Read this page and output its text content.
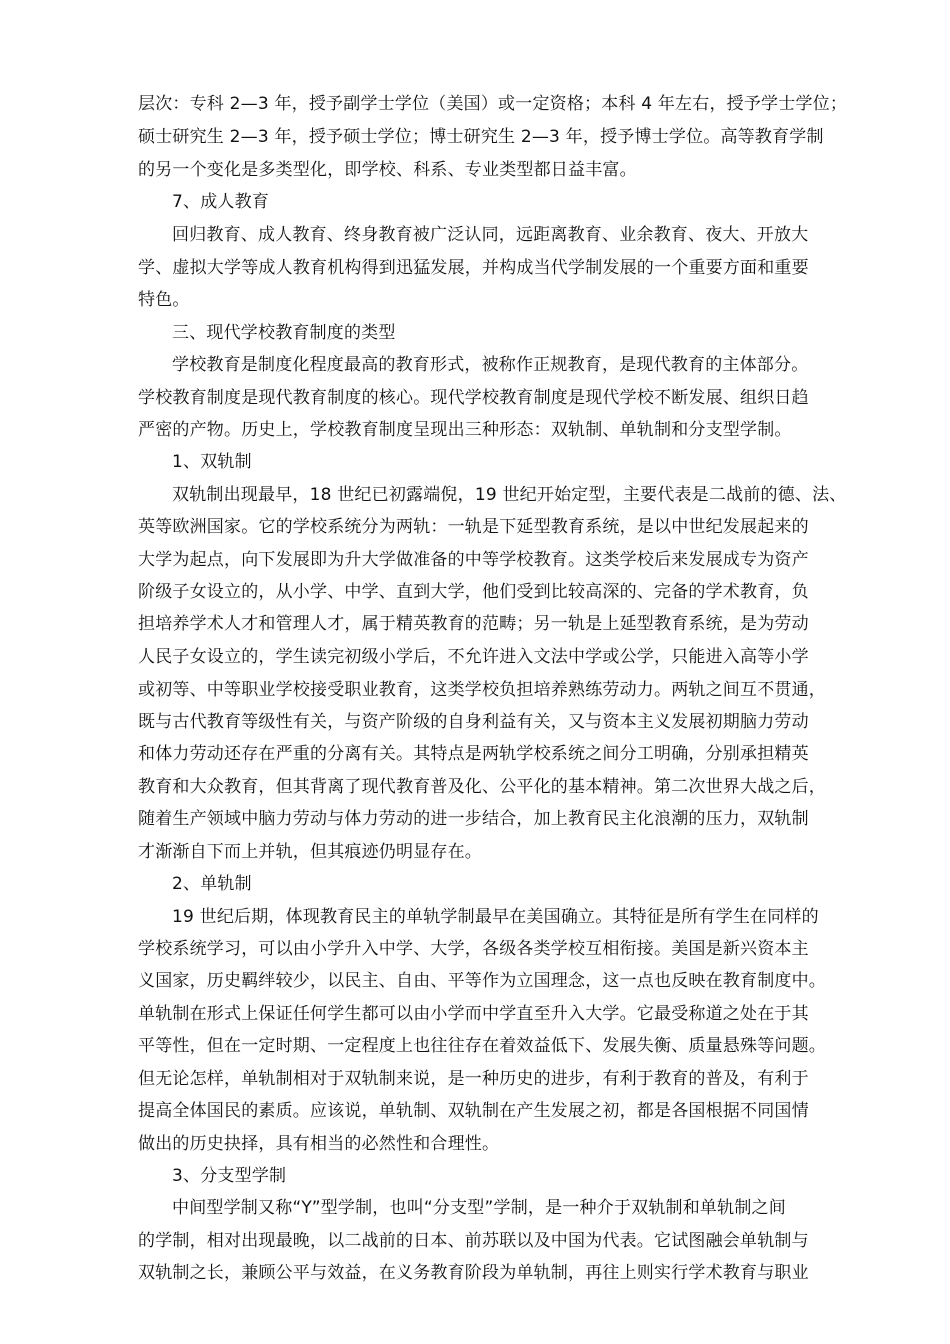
层次：专科 2—3 年，授予副学士学位（美国）或一定资格；本科 4 年左右，授予学士学位；
硕士研究生 2—3 年，授予硕士学位；博士研究生 2—3 年，授予博士学位。高等教育学制
的另一个变化是多类型化，即学校、科系、专业类型都日益丰富。
7、成人教育
回归教育、成人教育、终身教育被广泛认同，远距离教育、业余教育、夜大、开放大
学、虚拟大学等成人教育机构得到迅猛发展，并构成当代学制发展的一个重要方面和重要
特色。
三、现代学校教育制度的类型
学校教育是制度化程度最高的教育形式，被称作正规教育，是现代教育的主体部分。
学校教育制度是现代教育制度的核心。现代学校教育制度是现代学校不断发展、组织日趋
严密的产物。历史上，学校教育制度呈现出三种形态：双轨制、单轨制和分支型学制。
1、双轨制
双轨制出现最早，18 世纪已初露端倪，19 世纪开始定型，主要代表是二战前的德、法、
英等欧洲国家。它的学校系统分为两轨：一轨是下延型教育系统，是以中世纪发展起来的
大学为起点，向下发展即为升大学做准备的中等学校教育。这类学校后来发展成专为资产
阶级子女设立的，从小学、中学、直到大学，他们受到比较高深的、完备的学术教育，负
担培养学术人才和管理人才，属于精英教育的范畴；另一轨是上延型教育系统，是为劳动
人民子女设立的，学生读完初级小学后，不允许进入文法中学或公学，只能进入高等小学
或初等、中等职业学校接受职业教育，这类学校负担培养熟练劳动力。两轨之间互不贯通，
既与古代教育等级性有关，与资产阶级的自身利益有关，又与资本主义发展初期脑力劳动
和体力劳动还存在严重的分离有关。其特点是两轨学校系统之间分工明确，分别承担精英
教育和大众教育，但其背离了现代教育普及化、公平化的基本精神。第二次世界大战之后，
随着生产领域中脑力劳动与体力劳动的进一步结合，加上教育民主化浪潮的压力，双轨制
才渐渐自下而上并轨，但其痕迹仍明显存在。
2、单轨制
19 世纪后期，体现教育民主的单轨学制最早在美国确立。其特征是所有学生在同样的
学校系统学习，可以由小学升入中学、大学，各级各类学校互相衔接。美国是新兴资本主
义国家，历史羁绊较少，以民主、自由、平等作为立国理念，这一点也反映在教育制度中。
单轨制在形式上保证任何学生都可以由小学而中学直至升入大学。它最受称道之处在于其
平等性，但在一定时期、一定程度上也往往存在着效益低下、发展失衡、质量悬殊等问题。
但无论怎样，单轨制相对于双轨制来说，是一种历史的进步，有利于教育的普及，有利于
提高全体国民的素质。应该说，单轨制、双轨制在产生发展之初，都是各国根据不同国情
做出的历史抉择，具有相当的必然性和合理性。
3、分支型学制
中间型学制又称“Y”型学制，也叫“分支型”学制，是一种介于双轨制和单轨制之间
的学制，相对出现最晚，以二战前的日本、前苏联以及中国为代表。它试图融会单轨制与
双轨制之长，兼顾公平与效益，在义务教育阶段为单轨制，再往上则实行学术教育与职业
